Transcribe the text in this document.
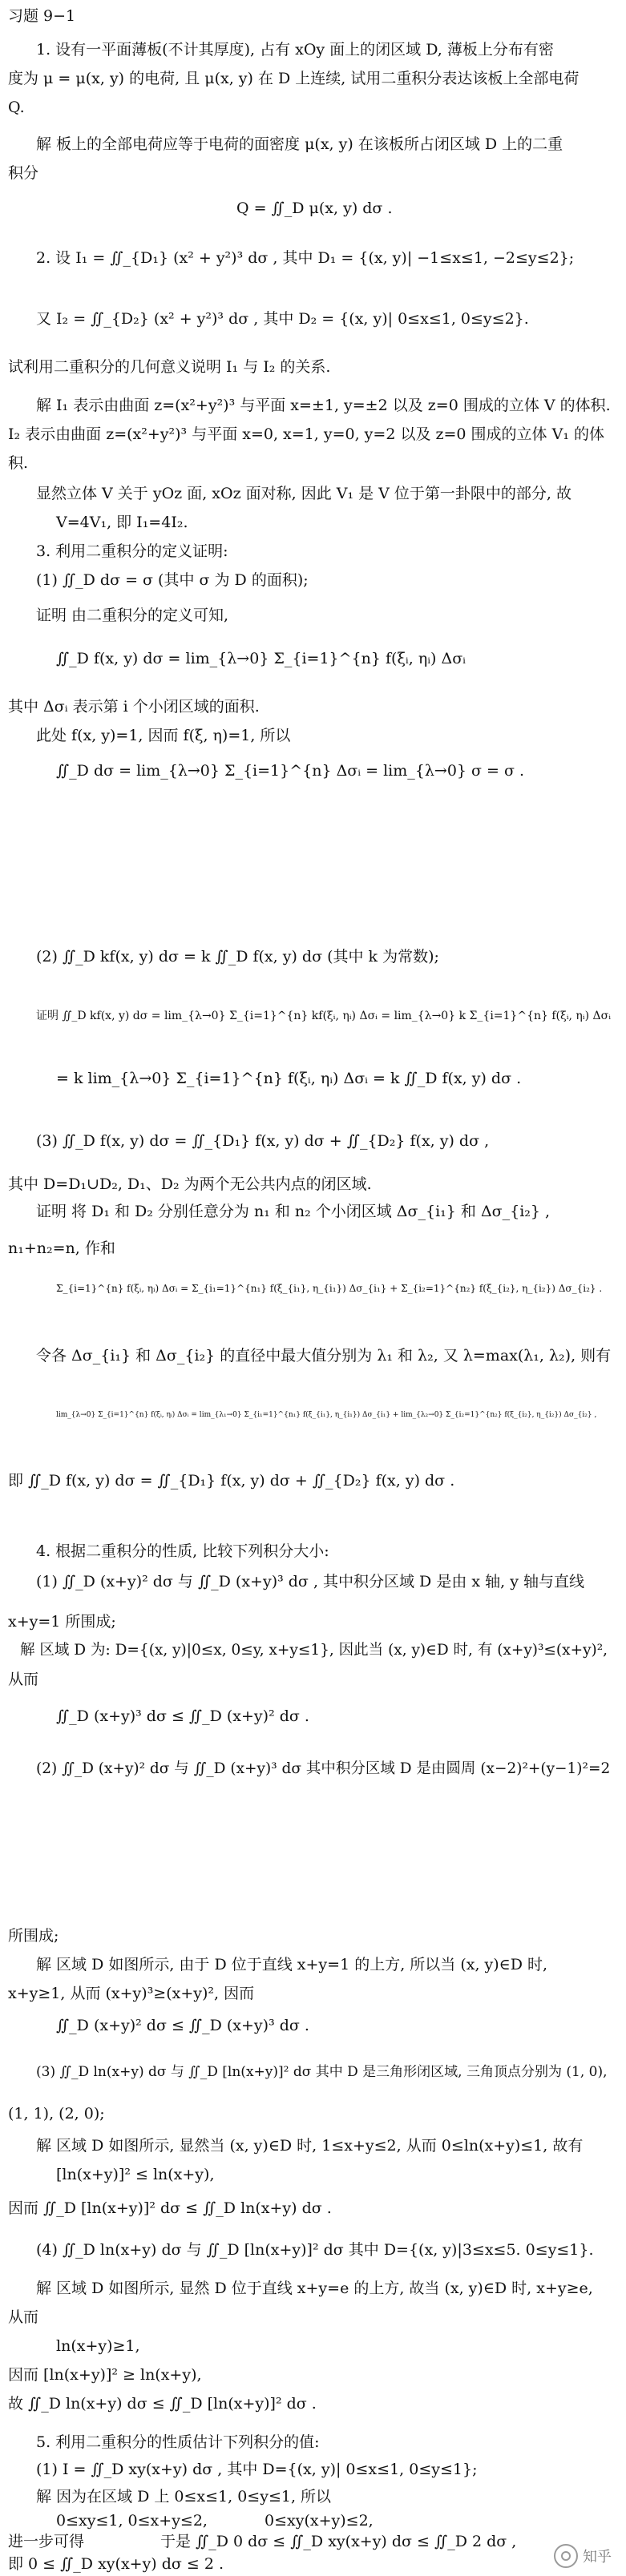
习题 9−1
1. 设有一平面薄板(不计其厚度), 占有 xOy 面上的闭区域 D, 薄板上分布有密
度为 μ = μ(x, y) 的电荷, 且 μ(x, y) 在 D 上连续, 试用二重积分表达该板上全部电荷
Q.
解 板上的全部电荷应等于电荷的面密度 μ(x, y) 在该板所占闭区域 D 上的二重
积分
Q = ∬_D μ(x, y) dσ .
2. 设 I₁ = ∬_{D₁} (x² + y²)³ dσ , 其中 D₁ = {(x, y)| −1≤x≤1, −2≤y≤2};
又 I₂ = ∬_{D₂} (x² + y²)³ dσ , 其中 D₂ = {(x, y)| 0≤x≤1, 0≤y≤2}.
试利用二重积分的几何意义说明 I₁ 与 I₂ 的关系.
解 I₁ 表示由曲面 z=(x²+y²)³ 与平面 x=±1, y=±2 以及 z=0 围成的立体 V 的体积.
I₂ 表示由曲面 z=(x²+y²)³ 与平面 x=0, x=1, y=0, y=2 以及 z=0 围成的立体 V₁ 的体
积.
显然立体 V 关于 yOz 面, xOz 面对称, 因此 V₁ 是 V 位于第一卦限中的部分, 故
V=4V₁, 即 I₁=4I₂.
3. 利用二重积分的定义证明:
(1) ∬_D dσ = σ (其中 σ 为 D 的面积);
证明 由二重积分的定义可知,
∬_D f(x, y) dσ = lim_{λ→0} Σ_{i=1}^{n} f(ξᵢ, ηᵢ) Δσᵢ
其中 Δσᵢ 表示第 i 个小闭区域的面积.
此处 f(x, y)=1, 因而 f(ξ, η)=1, 所以
∬_D dσ = lim_{λ→0} Σ_{i=1}^{n} Δσᵢ = lim_{λ→0} σ = σ .
(2) ∬_D kf(x, y) dσ = k ∬_D f(x, y) dσ (其中 k 为常数);
证明 ∬_D kf(x, y) dσ = lim_{λ→0} Σ_{i=1}^{n} kf(ξᵢ, ηᵢ) Δσᵢ = lim_{λ→0} k Σ_{i=1}^{n} f(ξᵢ, ηᵢ) Δσᵢ
= k lim_{λ→0} Σ_{i=1}^{n} f(ξᵢ, ηᵢ) Δσᵢ = k ∬_D f(x, y) dσ .
(3) ∬_D f(x, y) dσ = ∬_{D₁} f(x, y) dσ + ∬_{D₂} f(x, y) dσ ,
其中 D=D₁∪D₂, D₁、D₂ 为两个无公共内点的闭区域.
证明 将 D₁ 和 D₂ 分别任意分为 n₁ 和 n₂ 个小闭区域 Δσ_{i₁} 和 Δσ_{i₂} ,
n₁+n₂=n, 作和
Σ_{i=1}^{n} f(ξᵢ, ηᵢ) Δσᵢ = Σ_{i₁=1}^{n₁} f(ξ_{i₁}, η_{i₁}) Δσ_{i₁} + Σ_{i₂=1}^{n₂} f(ξ_{i₂}, η_{i₂}) Δσ_{i₂} .
令各 Δσ_{i₁} 和 Δσ_{i₂} 的直径中最大值分别为 λ₁ 和 λ₂, 又 λ=max(λ₁, λ₂), 则有
lim_{λ→0} Σ_{i=1}^{n} f(ξᵢ, ηᵢ) Δσᵢ = lim_{λ₁→0} Σ_{i₁=1}^{n₁} f(ξ_{i₁}, η_{i₁}) Δσ_{i₁} + lim_{λ₂→0} Σ_{i₂=1}^{n₂} f(ξ_{i₂}, η_{i₂}) Δσ_{i₂} ,
即 ∬_D f(x, y) dσ = ∬_{D₁} f(x, y) dσ + ∬_{D₂} f(x, y) dσ .
4. 根据二重积分的性质, 比较下列积分大小:
(1) ∬_D (x+y)² dσ 与 ∬_D (x+y)³ dσ , 其中积分区域 D 是由 x 轴, y 轴与直线
x+y=1 所围成;
解 区域 D 为: D={(x, y)|0≤x, 0≤y, x+y≤1}, 因此当 (x, y)∈D 时, 有 (x+y)³≤(x+y)²,
从而
∬_D (x+y)³ dσ ≤ ∬_D (x+y)² dσ .
(2) ∬_D (x+y)² dσ 与 ∬_D (x+y)³ dσ 其中积分区域 D 是由圆周 (x−2)²+(y−1)²=2
所围成;
解 区域 D 如图所示, 由于 D 位于直线 x+y=1 的上方, 所以当 (x, y)∈D 时,
x+y≥1, 从而 (x+y)³≥(x+y)², 因而
∬_D (x+y)² dσ ≤ ∬_D (x+y)³ dσ .
(3) ∬_D ln(x+y) dσ 与 ∬_D [ln(x+y)]² dσ 其中 D 是三角形闭区域, 三角顶点分别为 (1, 0),
(1, 1), (2, 0);
解 区域 D 如图所示, 显然当 (x, y)∈D 时, 1≤x+y≤2, 从而 0≤ln(x+y)≤1, 故有
[ln(x+y)]² ≤ ln(x+y),
因而 ∬_D [ln(x+y)]² dσ ≤ ∬_D ln(x+y) dσ .
(4) ∬_D ln(x+y) dσ 与 ∬_D [ln(x+y)]² dσ 其中 D={(x, y)|3≤x≤5. 0≤y≤1}.
解 区域 D 如图所示, 显然 D 位于直线 x+y=e 的上方, 故当 (x, y)∈D 时, x+y≥e,
从而
ln(x+y)≥1,
因而 [ln(x+y)]² ≥ ln(x+y),
故 ∬_D ln(x+y) dσ ≤ ∬_D [ln(x+y)]² dσ .
5. 利用二重积分的性质估计下列积分的值:
(1) I = ∬_D xy(x+y) dσ , 其中 D={(x, y)| 0≤x≤1, 0≤y≤1};
解 因为在区域 D 上 0≤x≤1, 0≤y≤1, 所以
0≤xy≤1, 0≤x+y≤2,
进一步可得
0≤xy(x+y)≤2,
于是 ∬_D 0 dσ ≤ ∬_D xy(x+y) dσ ≤ ∬_D 2 dσ ,
即 0 ≤ ∬_D xy(x+y) dσ ≤ 2 .	知乎
